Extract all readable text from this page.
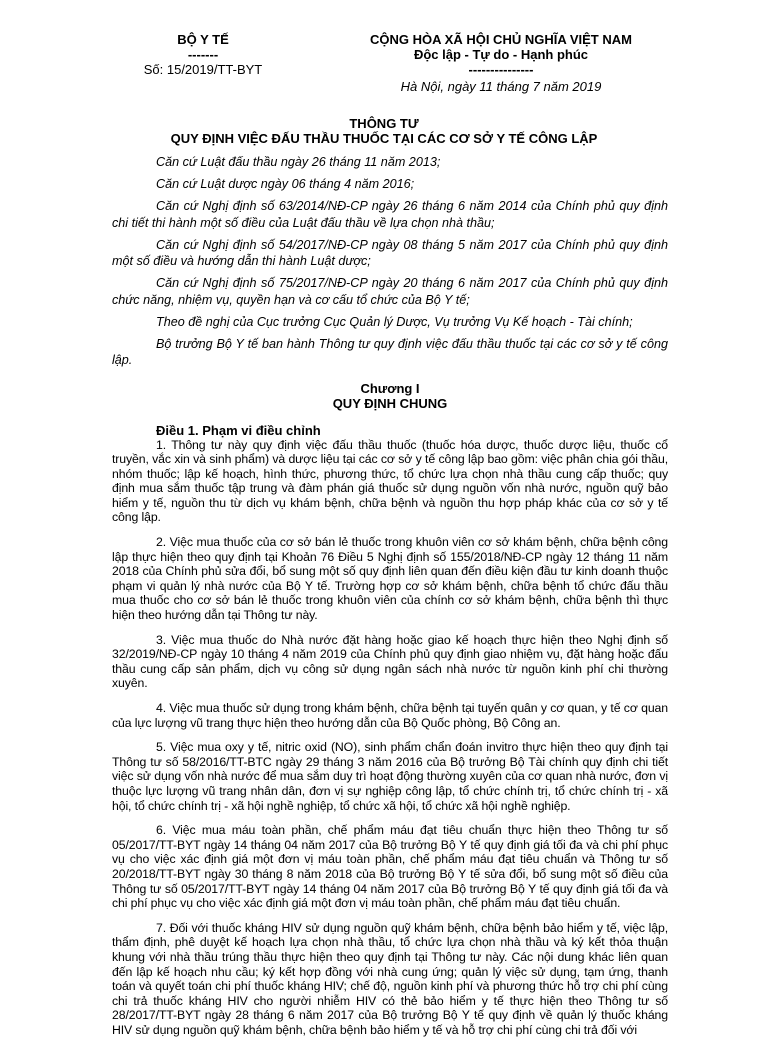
BỘ Y TẾ
-------
Số: 15/2019/TT-BYT
CỘNG HÒA XÃ HỘI CHỦ NGHĨA VIỆT NAM
Độc lập - Tự do - Hạnh phúc
---------------
Hà Nội, ngày 11 tháng 7 năm 2019
THÔNG TƯ
QUY ĐỊNH VIỆC ĐẤU THẦU THUỐC TẠI CÁC CƠ SỞ Y TẾ CÔNG LẬP

Căn cứ Luật đấu thầu ngày 26 tháng 11 năm 2013;

Căn cứ Luật dược ngày 06 tháng 4 năm 2016;

Căn cứ Nghị định số 63/2014/NĐ-CP ngày 26 tháng 6 năm 2014 của Chính phủ quy định chi tiết thi hành một số điều của Luật đấu thầu về lựa chọn nhà thầu;

Căn cứ Nghị định số 54/2017/NĐ-CP ngày 08 tháng 5 năm 2017 của Chính phủ quy định một số điều và hướng dẫn thi hành Luật dược;

Căn cứ Nghị định số 75/2017/NĐ-CP ngày 20 tháng 6 năm 2017 của Chính phủ quy định chức năng, nhiệm vụ, quyền hạn và cơ cấu tổ chức của Bộ Y tế;

Theo đề nghị của Cục trưởng Cục Quản lý Dược, Vụ trưởng Vụ Kế hoạch - Tài chính;

Bộ trưởng Bộ Y tế ban hành Thông tư quy định việc đấu thầu thuốc tại các cơ sở y tế công lập.

Chương I
QUY ĐỊNH CHUNG
Điều 1. Phạm vi điều chỉnh

1. Thông tư này quy định việc đấu thầu thuốc (thuốc hóa dược, thuốc dược liệu, thuốc cổ truyền, vắc xin và sinh phẩm) và dược liệu tại các cơ sở y tế công lập bao gồm: việc phân chia gói thầu, nhóm thuốc; lập kế hoạch, hình thức, phương thức, tổ chức lựa chọn nhà thầu cung cấp thuốc; quy định mua sắm thuốc tập trung và đàm phán giá thuốc sử dụng nguồn vốn nhà nước, nguồn quỹ bảo hiểm y tế, nguồn thu từ dịch vụ khám bệnh, chữa bệnh và nguồn thu hợp pháp khác của cơ sở y tế công lập.

2. Việc mua thuốc của cơ sở bán lẻ thuốc trong khuôn viên cơ sở khám bệnh, chữa bệnh công lập thực hiện theo quy định tại Khoản 76 Điều 5 Nghị định số 155/2018/NĐ-CP ngày 12 tháng 11 năm 2018 của Chính phủ sửa đổi, bổ sung một số quy định liên quan đến điều kiện đầu tư kinh doanh thuộc phạm vi quản lý nhà nước của Bộ Y tế. Trường hợp cơ sở khám bệnh, chữa bệnh tổ chức đấu thầu mua thuốc cho cơ sở bán lẻ thuốc trong khuôn viên của chính cơ sở khám bệnh, chữa bệnh thì thực hiện theo hướng dẫn tại Thông tư này.

3. Việc mua thuốc do Nhà nước đặt hàng hoặc giao kế hoạch thực hiện theo Nghị định số 32/2019/NĐ-CP ngày 10 tháng 4 năm 2019 của Chính phủ quy định giao nhiệm vụ, đặt hàng hoặc đấu thầu cung cấp sản phẩm, dịch vụ công sử dụng ngân sách nhà nước từ nguồn kinh phí chi thường xuyên.

4. Việc mua thuốc sử dụng trong khám bệnh, chữa bệnh tại tuyến quân y cơ quan, y tế cơ quan của lực lượng vũ trang thực hiện theo hướng dẫn của Bộ Quốc phòng, Bộ Công an.

5. Việc mua oxy y tế, nitric oxid (NO), sinh phẩm chẩn đoán invitro thực hiện theo quy định tại Thông tư số 58/2016/TT-BTC ngày 29 tháng 3 năm 2016 của Bộ trưởng Bộ Tài chính quy định chi tiết việc sử dụng vốn nhà nước để mua sắm duy trì hoạt động thường xuyên của cơ quan nhà nước, đơn vị thuộc lực lượng vũ trang nhân dân, đơn vị sự nghiệp công lập, tổ chức chính trị, tổ chức chính trị - xã hội, tổ chức chính trị - xã hội nghề nghiệp, tổ chức xã hội, tổ chức xã hội nghề nghiệp.

6. Việc mua máu toàn phần, chế phẩm máu đạt tiêu chuẩn thực hiện theo Thông tư số 05/2017/TT-BYT ngày 14 tháng 04 năm 2017 của Bộ trưởng Bộ Y tế quy định giá tối đa và chi phí phục vụ cho việc xác định giá một đơn vị máu toàn phần, chế phẩm máu đạt tiêu chuẩn và Thông tư số 20/2018/TT-BYT ngày 30 tháng 8 năm 2018 của Bộ trưởng Bộ Y tế sửa đổi, bổ sung một số điều của Thông tư số 05/2017/TT-BYT ngày 14 tháng 04 năm 2017 của Bộ trưởng Bộ Y tế quy định giá tối đa và chi phí phục vụ cho việc xác định giá một đơn vị máu toàn phần, chế phẩm máu đạt tiêu chuẩn.

7. Đối với thuốc kháng HIV sử dụng nguồn quỹ khám bệnh, chữa bệnh bảo hiểm y tế, việc lập, thẩm định, phê duyệt kế hoạch lựa chọn nhà thầu, tổ chức lựa chọn nhà thầu và ký kết thỏa thuận khung với nhà thầu trúng thầu thực hiện theo quy định tại Thông tư này. Các nội dung khác liên quan đến lập kế hoạch nhu cầu; ký kết hợp đồng với nhà cung ứng; quản lý việc sử dụng, tạm ứng, thanh toán và quyết toán chi phí thuốc kháng HIV; chế độ, nguồn kinh phí và phương thức hỗ trợ chi phí cùng chi trả thuốc kháng HIV cho người nhiễm HIV có thẻ bảo hiểm y tế thực hiện theo Thông tư số 28/2017/TT-BYT ngày 28 tháng 6 năm 2017 của Bộ trưởng Bộ Y tế quy định về quản lý thuốc kháng HIV sử dụng nguồn quỹ khám bệnh, chữa bệnh bảo hiểm y tế và hỗ trợ chi phí cùng chi trả đối với
